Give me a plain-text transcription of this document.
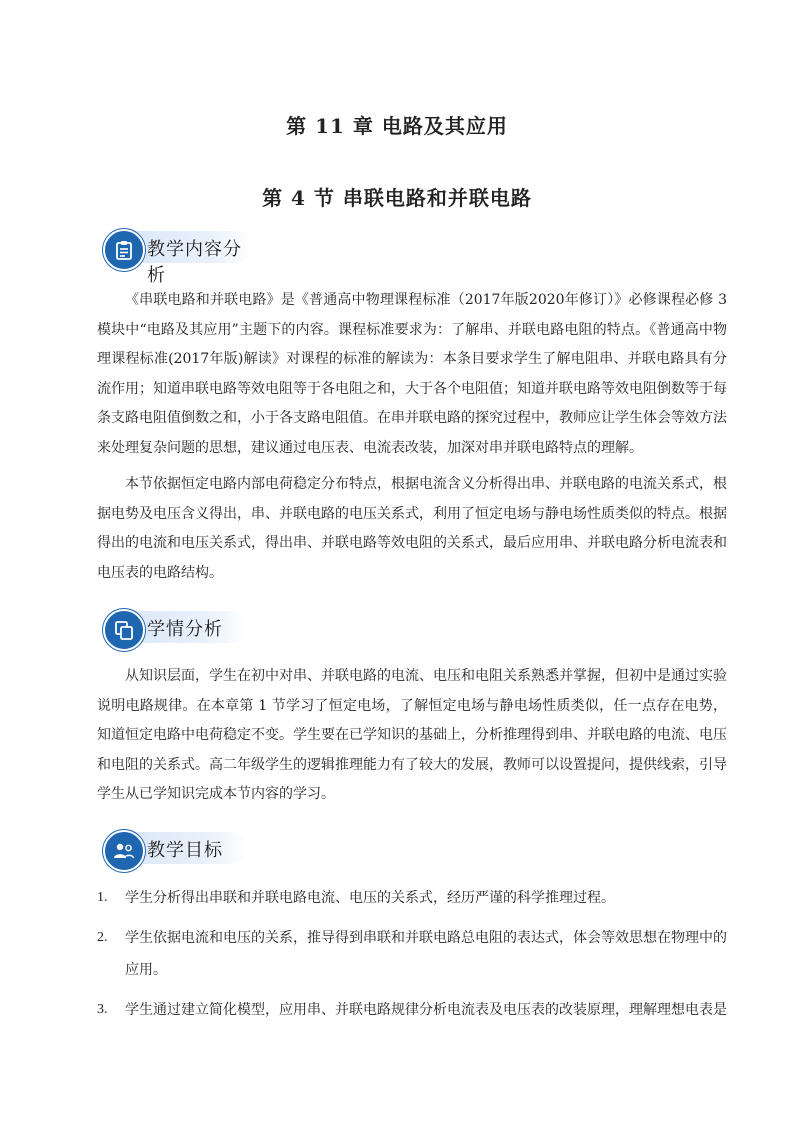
第 11 章 电路及其应用
第 4 节 串联电路和并联电路
教学内容分析

《串联电路和并联电路》是《普通高中物理课程标准（2017年版2020年修订）》必修课程必修 3 模块中“电路及其应用”主题下的内容。课程标准要求为：了解串、并联电路电阻的特点。《普通高中物理课程标准(2017年版)解读》对课程的标准的解读为：本条目要求学生了解电阻串、并联电路具有分流作用；知道串联电路等效电阻等于各电阻之和，大于各个电阻值；知道并联电路等效电阻倒数等于每条支路电阻值倒数之和，小于各支路电阻值。在串并联电路的探究过程中，教师应让学生体会等效方法来处理复杂问题的思想，建议通过电压表、电流表改装，加深对串并联电路特点的理解。

本节依据恒定电路内部电荷稳定分布特点，根据电流含义分析得出串、并联电路的电流关系式，根据电势及电压含义得出，串、并联电路的电压关系式，利用了恒定电场与静电场性质类似的特点。根据得出的电流和电压关系式，得出串、并联电路等效电阻的关系式，最后应用串、并联电路分析电流表和电压表的电路结构。

学情分析

从知识层面，学生在初中对串、并联电路的电流、电压和电阻关系熟悉并掌握，但初中是通过实验说明电路规律。在本章第 1 节学习了恒定电场，了解恒定电场与静电场性质类似，任一点存在电势，知道恒定电路中电荷稳定不变。学生要在已学知识的基础上，分析推理得到串、并联电路的电流、电压和电阻的关系式。高二年级学生的逻辑推理能力有了较大的发展，教师可以设置提问，提供线索，引导学生从已学知识完成本节内容的学习。

教学目标
1. 学生分析得出串联和并联电路电流、电压的关系式，经历严谨的科学推理过程。
2. 学生依据电流和电压的关系，推导得到串联和并联电路总电阻的表达式，体会等效思想在物理中的应用。
3. 学生通过建立简化模型，应用串、并联电路规律分析电流表及电压表的改装原理，理解理想电表是
